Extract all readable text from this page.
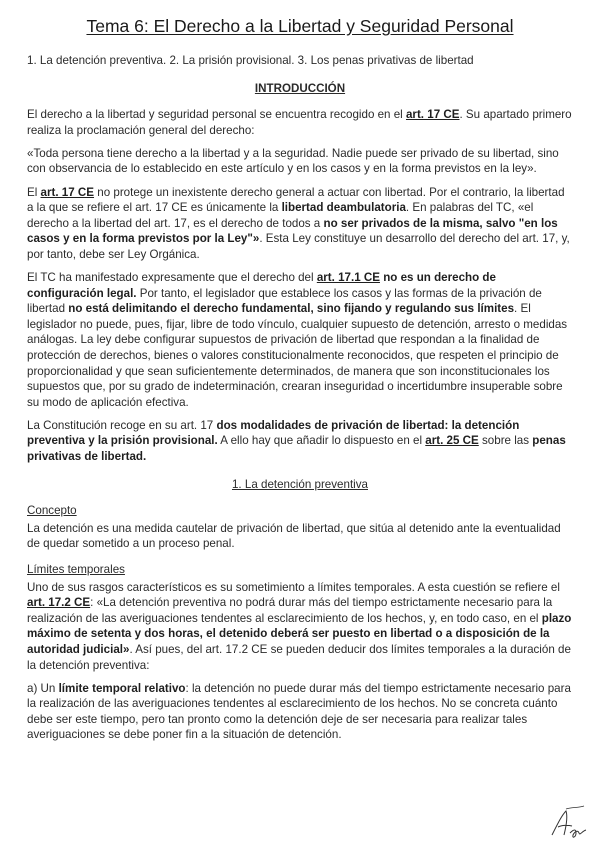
Tema 6: El Derecho a la Libertad y Seguridad Personal

1. La detención preventiva. 2. La prisión provisional. 3. Los penas privativas de libertad

INTRODUCCIÓN

El derecho a la libertad y seguridad personal se encuentra recogido en el art. 17 CE. Su apartado primero realiza la proclamación general del derecho:

«Toda persona tiene derecho a la libertad y a la seguridad. Nadie puede ser privado de su libertad, sino con observancia de lo establecido en este artículo y en los casos y en la forma previstos en la ley».

El art. 17 CE no protege un inexistente derecho general a actuar con libertad. Por el contrario, la libertad a la que se refiere el art. 17 CE es únicamente la libertad deambulatoria. En palabras del TC, «el derecho a la libertad del art. 17, es el derecho de todos a no ser privados de la misma, salvo "en los casos y en la forma previstos por la Ley"». Esta Ley constituye un desarrollo del derecho del art. 17, y, por tanto, debe ser Ley Orgánica.

El TC ha manifestado expresamente que el derecho del art. 17.1 CE no es un derecho de configuración legal. Por tanto, el legislador que establece los casos y las formas de la privación de libertad no está delimitando el derecho fundamental, sino fijando y regulando sus límites. El legislador no puede, pues, fijar, libre de todo vínculo, cualquier supuesto de detención, arresto o medidas análogas. La ley debe configurar supuestos de privación de libertad que respondan a la finalidad de protección de derechos, bienes o valores constitucionalmente reconocidos, que respeten el principio de proporcionalidad y que sean suficientemente determinados, de manera que son inconstitucionales los supuestos que, por su grado de indeterminación, crearan inseguridad o incertidumbre insuperable sobre su modo de aplicación efectiva.

La Constitución recoge en su art. 17 dos modalidades de privación de libertad: la detención preventiva y la prisión provisional. A ello hay que añadir lo dispuesto en el art. 25 CE sobre las penas privativas de libertad.

1. La detención preventiva

Concepto

La detención es una medida cautelar de privación de libertad, que sitúa al detenido ante la eventualidad de quedar sometido a un proceso penal.

Límites temporales

Uno de sus rasgos característicos es su sometimiento a límites temporales. A esta cuestión se refiere el art. 17.2 CE: «La detención preventiva no podrá durar más del tiempo estrictamente necesario para la realización de las averiguaciones tendentes al esclarecimiento de los hechos, y, en todo caso, en el plazo máximo de setenta y dos horas, el detenido deberá ser puesto en libertad o a disposición de la autoridad judicial». Así pues, del art. 17.2 CE se pueden deducir dos límites temporales a la duración de la detención preventiva:

a) Un límite temporal relativo: la detención no puede durar más del tiempo estrictamente necesario para la realización de las averiguaciones tendentes al esclarecimiento de los hechos. No se concreta cuánto debe ser este tiempo, pero tan pronto como la detención deje de ser necesaria para realizar tales averiguaciones se debe poner fin a la situación de detención.
